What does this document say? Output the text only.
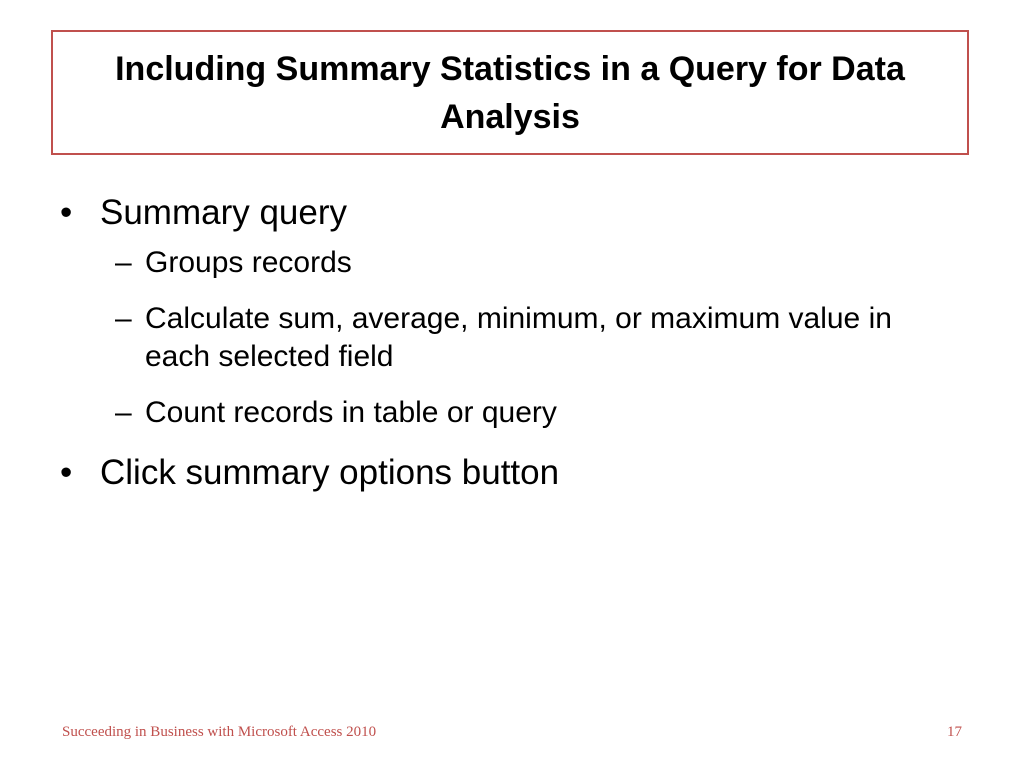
Including Summary Statistics in a Query for Data Analysis
• Summary query
– Groups records
– Calculate sum, average, minimum, or maximum value in each selected field
– Count records in table or query
• Click summary options button
Succeeding in Business with Microsoft Access 2010	17
